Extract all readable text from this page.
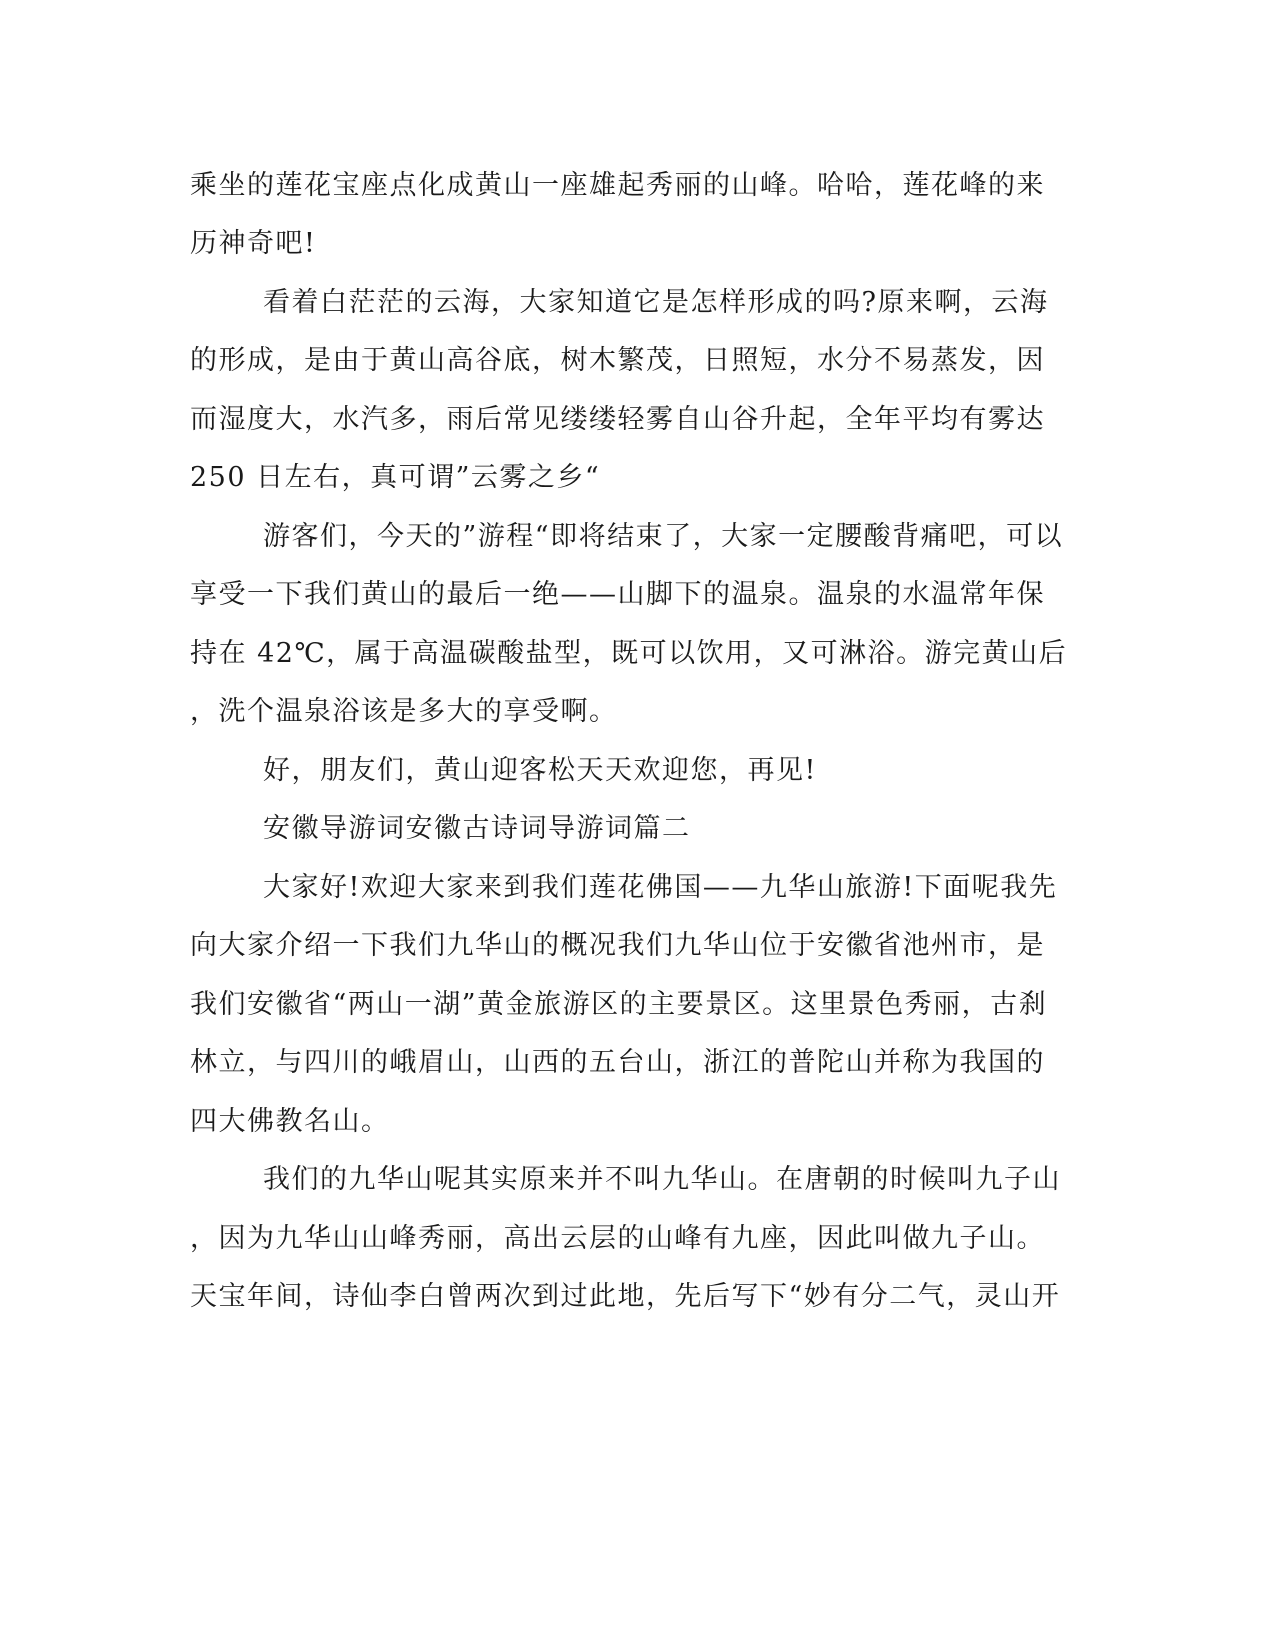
乘坐的莲花宝座点化成黄山一座雄起秀丽的山峰。哈哈，莲花峰的来
历神奇吧!
看着白茫茫的云海，大家知道它是怎样形成的吗?原来啊，云海
的形成，是由于黄山高谷底，树木繁茂，日照短，水分不易蒸发，因
而湿度大，水汽多，雨后常见缕缕轻雾自山谷升起，全年平均有雾达
250 日左右，真可谓”云雾之乡“
游客们，今天的”游程“即将结束了，大家一定腰酸背痛吧，可以
享受一下我们黄山的最后一绝——山脚下的温泉。温泉的水温常年保
持在 42℃，属于高温碳酸盐型，既可以饮用，又可淋浴。游完黄山后
，洗个温泉浴该是多大的享受啊。
好，朋友们，黄山迎客松天天欢迎您，再见!
安徽导游词安徽古诗词导游词篇二
大家好!欢迎大家来到我们莲花佛国——九华山旅游!下面呢我先
向大家介绍一下我们九华山的概况我们九华山位于安徽省池州市，是
我们安徽省“两山一湖”黄金旅游区的主要景区。这里景色秀丽，古刹
林立，与四川的峨眉山，山西的五台山，浙江的普陀山并称为我国的
四大佛教名山。
我们的九华山呢其实原来并不叫九华山。在唐朝的时候叫九子山
，因为九华山山峰秀丽，高出云层的山峰有九座，因此叫做九子山。
天宝年间，诗仙李白曾两次到过此地，先后写下“妙有分二气，灵山开
